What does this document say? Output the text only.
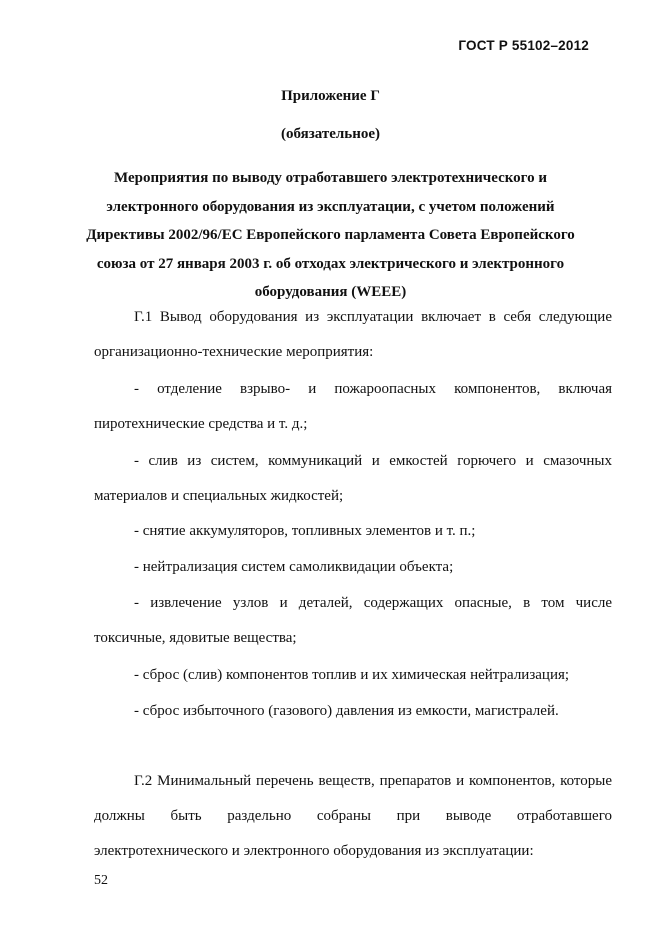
ГОСТ Р 55102–2012
Приложение Г
(обязательное)
Мероприятия по выводу отработавшего электротехнического и электронного оборудования из эксплуатации, с учетом положений Директивы 2002/96/ЕС Европейского парламента Совета Европейского союза от 27 января 2003 г. об отходах электрического и электронного оборудования (WEEE)
Г.1 Вывод оборудования из эксплуатации включает в себя следующие организационно-технические мероприятия:
- отделение взрыво- и пожароопасных компонентов, включая пиротехнические средства и т. д.;
- слив из систем, коммуникаций и емкостей горючего и смазочных материалов и специальных жидкостей;
- снятие аккумуляторов, топливных элементов и т. п.;
- нейтрализация систем самоликвидации объекта;
- извлечение узлов и деталей, содержащих опасные, в том числе токсичные, ядовитые вещества;
- сброс (слив) компонентов топлив и их химическая нейтрализация;
- сброс избыточного (газового) давления из емкости, магистралей.
Г.2 Минимальный перечень веществ, препаратов и компонентов, которые должны быть раздельно собраны при выводе отработавшего электротехнического и электронного оборудования из эксплуатации:
52
